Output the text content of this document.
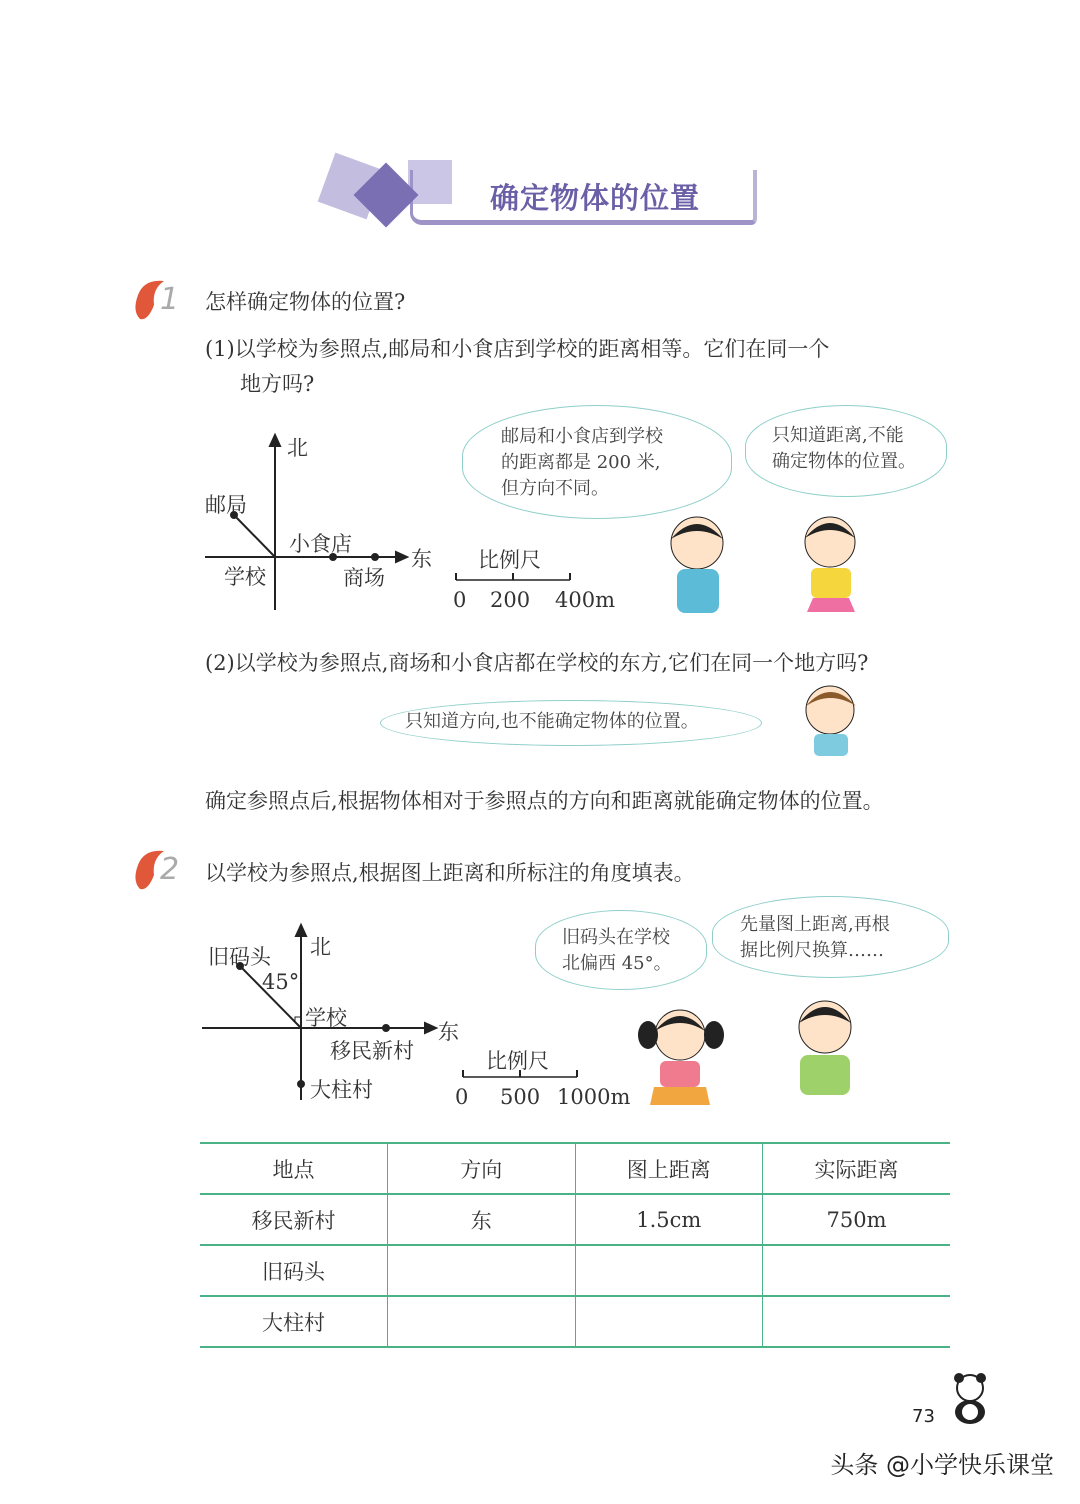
确定物体的位置
1 怎样确定物体的位置?
(1)以学校为参照点,邮局和小食店到学校的距离相等。它们在同一个
地方吗?
北
东
邮局
学校
小食店
商场
比例尺
0 200 400m
邮局和小食店到学校
的距离都是 200 米,
但方向不同。
只知道距离,不能
确定物体的位置。
(2)以学校为参照点,商场和小食店都在学校的东方,它们在同一个地方吗?
只知道方向,也不能确定物体的位置。
确定参照点后,根据物体相对于参照点的方向和距离就能确定物体的位置。
2 以学校为参照点,根据图上距离和所标注的角度填表。
北
东
旧码头
45°
学校
移民新村
大柱村
比例尺
0 500 1000m
旧码头在学校
北偏西 45°。
先量图上距离,再根
据比例尺换算……
地点	方向	图上距离	实际距离
移民新村	东	1.5cm	750m
旧码头			
大柱村			
73
头条 @小学快乐课堂
